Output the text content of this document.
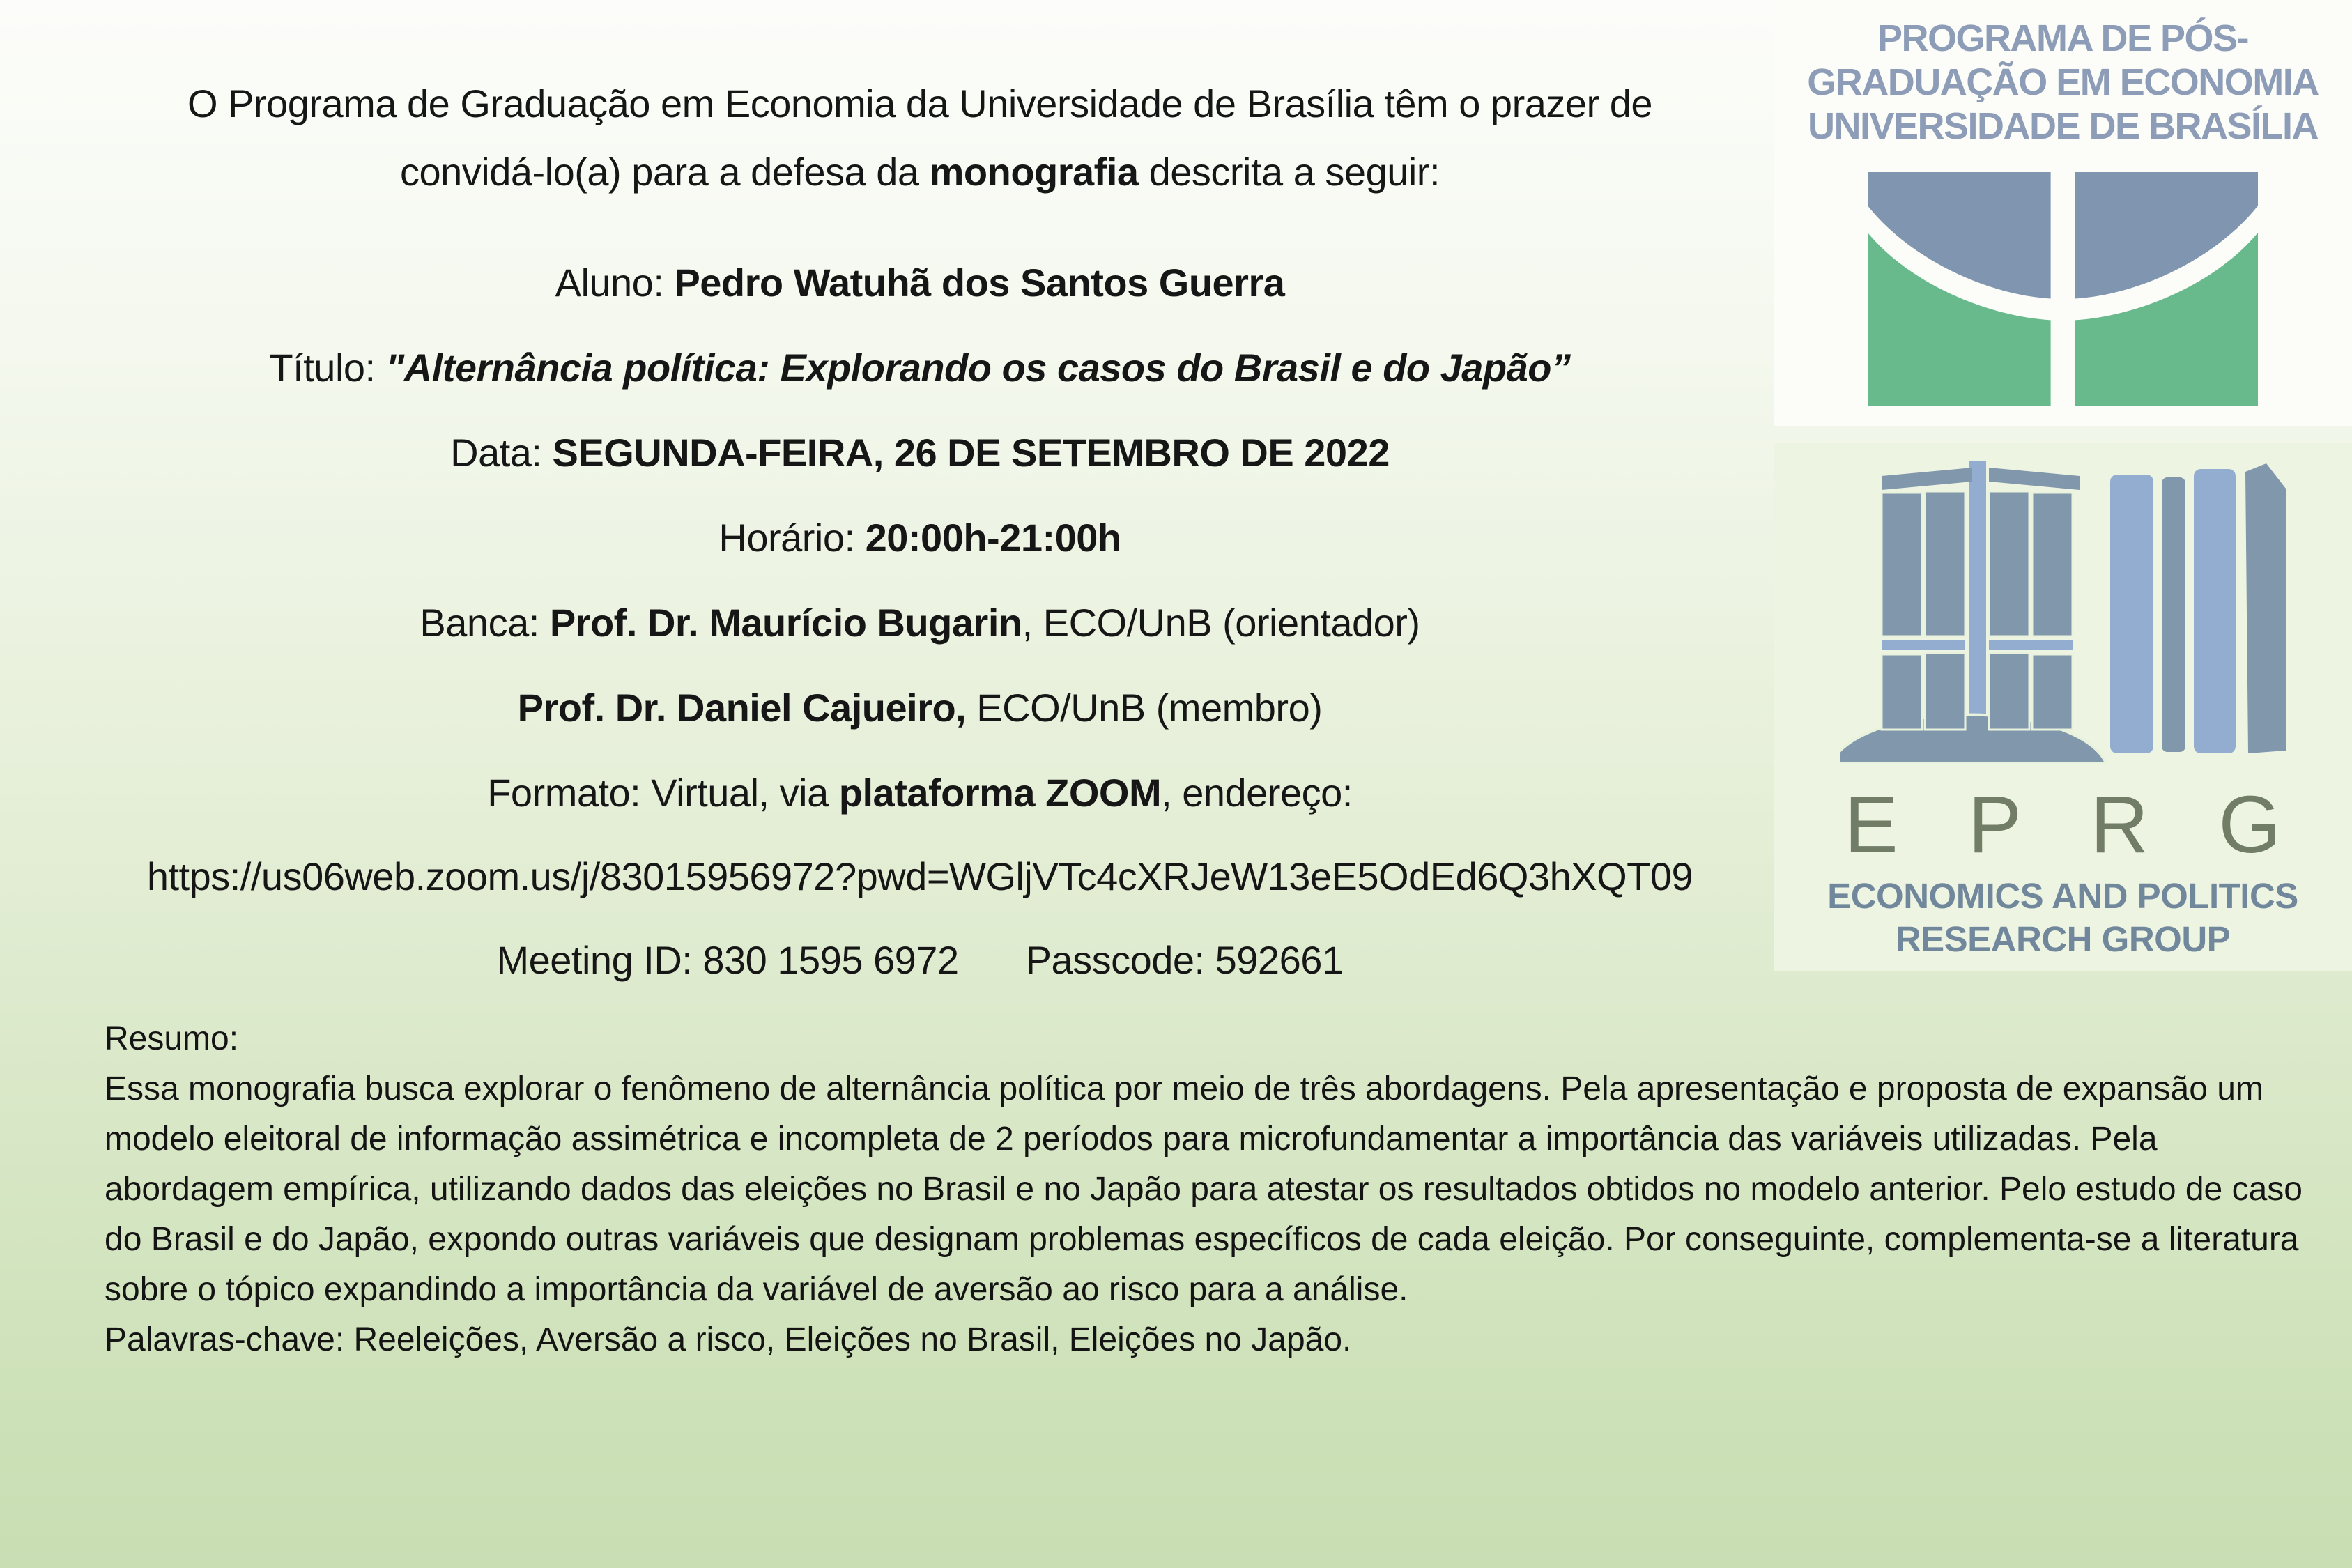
O Programa de Graduação em Economia da Universidade de Brasília têm o prazer de
convidá-lo(a) para a defesa da monografia descrita a seguir:
Aluno: Pedro Watuhã dos Santos Guerra
Título: "Alternância política: Explorando os casos do Brasil e do Japão”
Data: SEGUNDA-FEIRA, 26 DE SETEMBRO DE 2022
Horário: 20:00h-21:00h
Banca: Prof. Dr. Maurício Bugarin, ECO/UnB (orientador)
Prof. Dr. Daniel Cajueiro, ECO/UnB (membro)
Formato: Virtual, via plataforma ZOOM, endereço:
https://us06web.zoom.us/j/83015956972?pwd=WGljVTc4cXRJeW13eE5OdEd6Q3hXQT09
Meeting ID: 830 1595 6972 Passcode: 592661

Resumo:

Essa monografia busca explorar o fenômeno de alternância política por meio de três abordagens. Pela apresentação e proposta de expansão um modelo eleitoral de informação assimétrica e incompleta de 2 períodos para microfundamentar a importância das variáveis utilizadas. Pela abordagem empírica, utilizando dados das eleições no Brasil e no Japão para atestar os resultados obtidos no modelo anterior. Pelo estudo de caso do Brasil e do Japão, expondo outras variáveis que designam problemas específicos de cada eleição. Por conseguinte, complementa-se a literatura sobre o tópico expandindo a importância da variável de aversão ao risco para a análise.

Palavras-chave: Reeleições, Aversão a risco, Eleições no Brasil, Eleições no Japão.

PROGRAMA DE PÓS-
GRADUAÇÃO EM ECONOMIA
UNIVERSIDADE DE BRASÍLIA
E P R G
ECONOMICS AND POLITICS
RESEARCH GROUP
